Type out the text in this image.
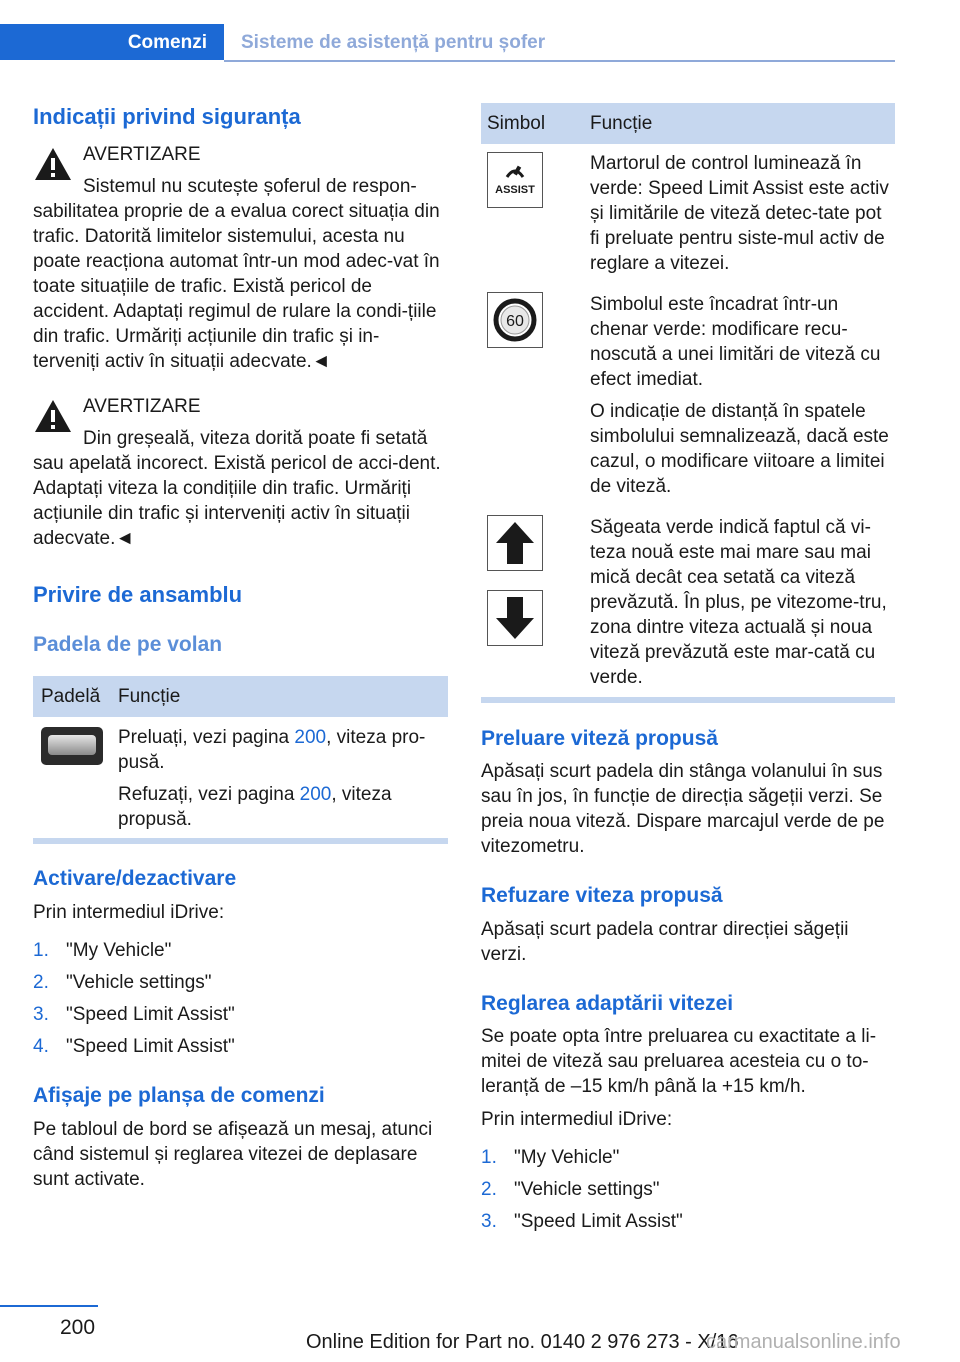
Comenzi	Sisteme de asistență pentru șofer
Indicații privind siguranța
AVERTIZARE
Sistemul nu scutește șoferul de respon-
sabilitatea proprie de a evalua corect situația din trafic. Datorită limitelor sistemului, acesta nu poate reacționa automat într-un mod adec-vat în toate situațiile de trafic. Există pericol de accident. Adaptați regimul de rulare la condi-țiile din trafic. Urmăriți acțiunile din trafic și in-terveniți activ în situații adecvate.◄
AVERTIZARE
Din greșeală, viteza dorită poate fi setată
sau apelată incorect. Există pericol de acci-dent. Adaptați viteza la condițiile din trafic. Urmăriți acțiunile din trafic și interveniți activ în situații adecvate.◄
Privire de ansamblu
Padela de pe volan
Padelă Funcție
Preluați, vezi pagina 200, viteza pro-
pusă.
Refuzați, vezi pagina 200, viteza
propusă.
Activare/dezactivare
Prin intermediul iDrive:
1. "My Vehicle"
2. "Vehicle settings"
3. "Speed Limit Assist"
4. "Speed Limit Assist"
Afișaje pe planșa de comenzi
Pe tabloul de bord se afișează un mesaj, atunci când sistemul și reglarea vitezei de deplasare sunt activate.
Simbol Funcție
ASSIST
Martorul de control luminează în verde: Speed Limit Assist este activ și limitările de viteză detec-tate pot fi preluate pentru siste-mul activ de reglare a vitezei.
60
Simbolul este încadrat într-un chenar verde: modificare recu-noscută a unei limitări de viteză cu efect imediat.
O indicație de distanță în spatele simbolului semnalizează, dacă este cazul, o modificare viitoare a limitei de viteză.
Săgeata verde indică faptul că vi-teza nouă este mai mare sau mai mică decât cea setată ca viteză prevăzută. În plus, pe vitezome-tru, zona dintre viteza actuală și noua viteză prevăzută este mar-cată cu verde.
Preluare viteză propusă
Apăsați scurt padela din stânga volanului în sus sau în jos, în funcție de direcția săgeții verzi. Se preia noua viteză. Dispare marcajul verde de pe vitezometru.
Refuzare viteza propusă
Apăsați scurt padela contrar direcției săgeții verzi.
Reglarea adaptării vitezei
Se poate opta între preluarea cu exactitate a li-mitei de viteză sau preluarea acesteia cu o to-leranță de –15 km/h până la +15 km/h.
Prin intermediul iDrive:
1. "My Vehicle"
2. "Vehicle settings"
3. "Speed Limit Assist"
200
Online Edition for Part no. 0140 2 976 273 - X/16
carmanualsonline.info
